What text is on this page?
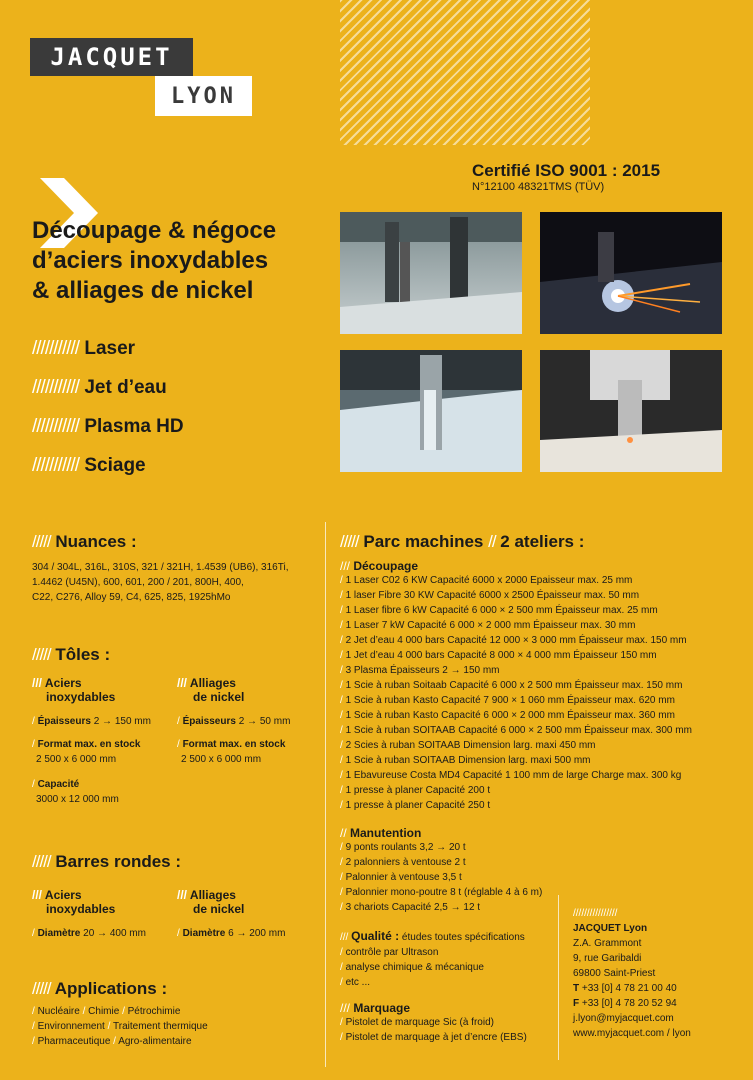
JACQUET
LYON
Certifié ISO 9001 : 2015
N°12100 48321TMS (TÜV)
Découpage & négoce
d’aciers inoxydables
& alliages de nickel
/////////// Laser
/////////// Jet d’eau
/////////// Plasma HD
/////////// Sciage
///// Nuances :
304 / 304L, 316L, 310S, 321 / 321H, 1.4539 (UB6), 316Ti,
1.4462 (U45N), 600, 601, 200 / 201, 800H, 400,
C22, C276, Alloy 59, C4, 625, 825, 1925hMo
///// Tôles :
/// Aciers
inoxydables
/ Épaisseurs 2 → 150 mm
/ Format max. en stock
2 500 x 6 000 mm
/ Capacité
3000 x 12 000 mm
/// Alliages
de nickel
/ Épaisseurs 2 → 50 mm
/ Format max. en stock
2 500 x 6 000 mm
///// Barres rondes :
/// Aciers
inoxydables
/ Diamètre 20 → 400 mm
/// Alliages
de nickel
/ Diamètre 6 → 200 mm
///// Applications :
/ Nucléaire / Chimie / Pétrochimie
/ Environnement / Traitement thermique
/ Pharmaceutique / Agro-alimentaire
///// Parc machines // 2 ateliers :
/// Découpage
/ 1 Laser C02 6 KW Capacité 6000 x 2000 Epaisseur max. 25 mm
/ 1 laser Fibre 30 KW Capacité 6000 x 2500 Épaisseur max. 50 mm
/ 1 Laser fibre 6 kW Capacité 6 000 × 2 500 mm Épaisseur max. 25 mm
/ 1 Laser 7 kW Capacité 6 000 × 2 000 mm Épaisseur max. 30 mm
/ 2 Jet d’eau 4 000 bars Capacité 12 000 × 3 000 mm Épaisseur max. 150 mm
/ 1 Jet d’eau 4 000 bars Capacité 8 000 × 4 000 mm Épaisseur 150 mm
/ 3 Plasma Épaisseurs 2 → 150 mm
/ 1 Scie à ruban Soitaab Capacité 6 000 x 2 500 mm Épaisseur max. 150 mm
/ 1 Scie à ruban Kasto Capacité 7 900 × 1 060 mm Épaisseur max. 620 mm
/ 1 Scie à ruban Kasto Capacité 6 000 × 2 000 mm Épaisseur max. 360 mm
/ 1 Scie à ruban SOITAAB Capacité 6 000 × 2 500 mm Épaisseur max. 300 mm
/ 2 Scies à ruban SOITAAB Dimension larg. maxi 450 mm
/ 1 Scie à ruban SOITAAB Dimension larg. maxi 500 mm
/ 1 Ebavureuse Costa MD4 Capacité 1 100 mm de large Charge max. 300 kg
/ 1 presse à planer Capacité 200 t
/ 1 presse à planer Capacité 250 t
// Manutention
/ 9 ponts roulants 3,2 → 20 t
/ 2 palonniers à ventouse 2 t
/ Palonnier à ventouse 3,5 t
/ Palonnier mono-poutre 8 t (réglable 4 à 6 m)
/ 3 chariots Capacité 2,5 → 12 t
/// Qualité : études toutes spécifications
/ contrôle par Ultrason
/ analyse chimique & mécanique
/ etc ...
/// Marquage
/ Pistolet de marquage Sic (à froid)
/ Pistolet de marquage à jet d’encre (EBS)
////////////////
JACQUET Lyon
Z.A. Grammont
9, rue Garibaldi
69800 Saint-Priest
T +33 [0] 4 78 21 00 40
F +33 [0] 4 78 20 52 94
j.lyon@myjacquet.com
www.myjacquet.com / lyon
